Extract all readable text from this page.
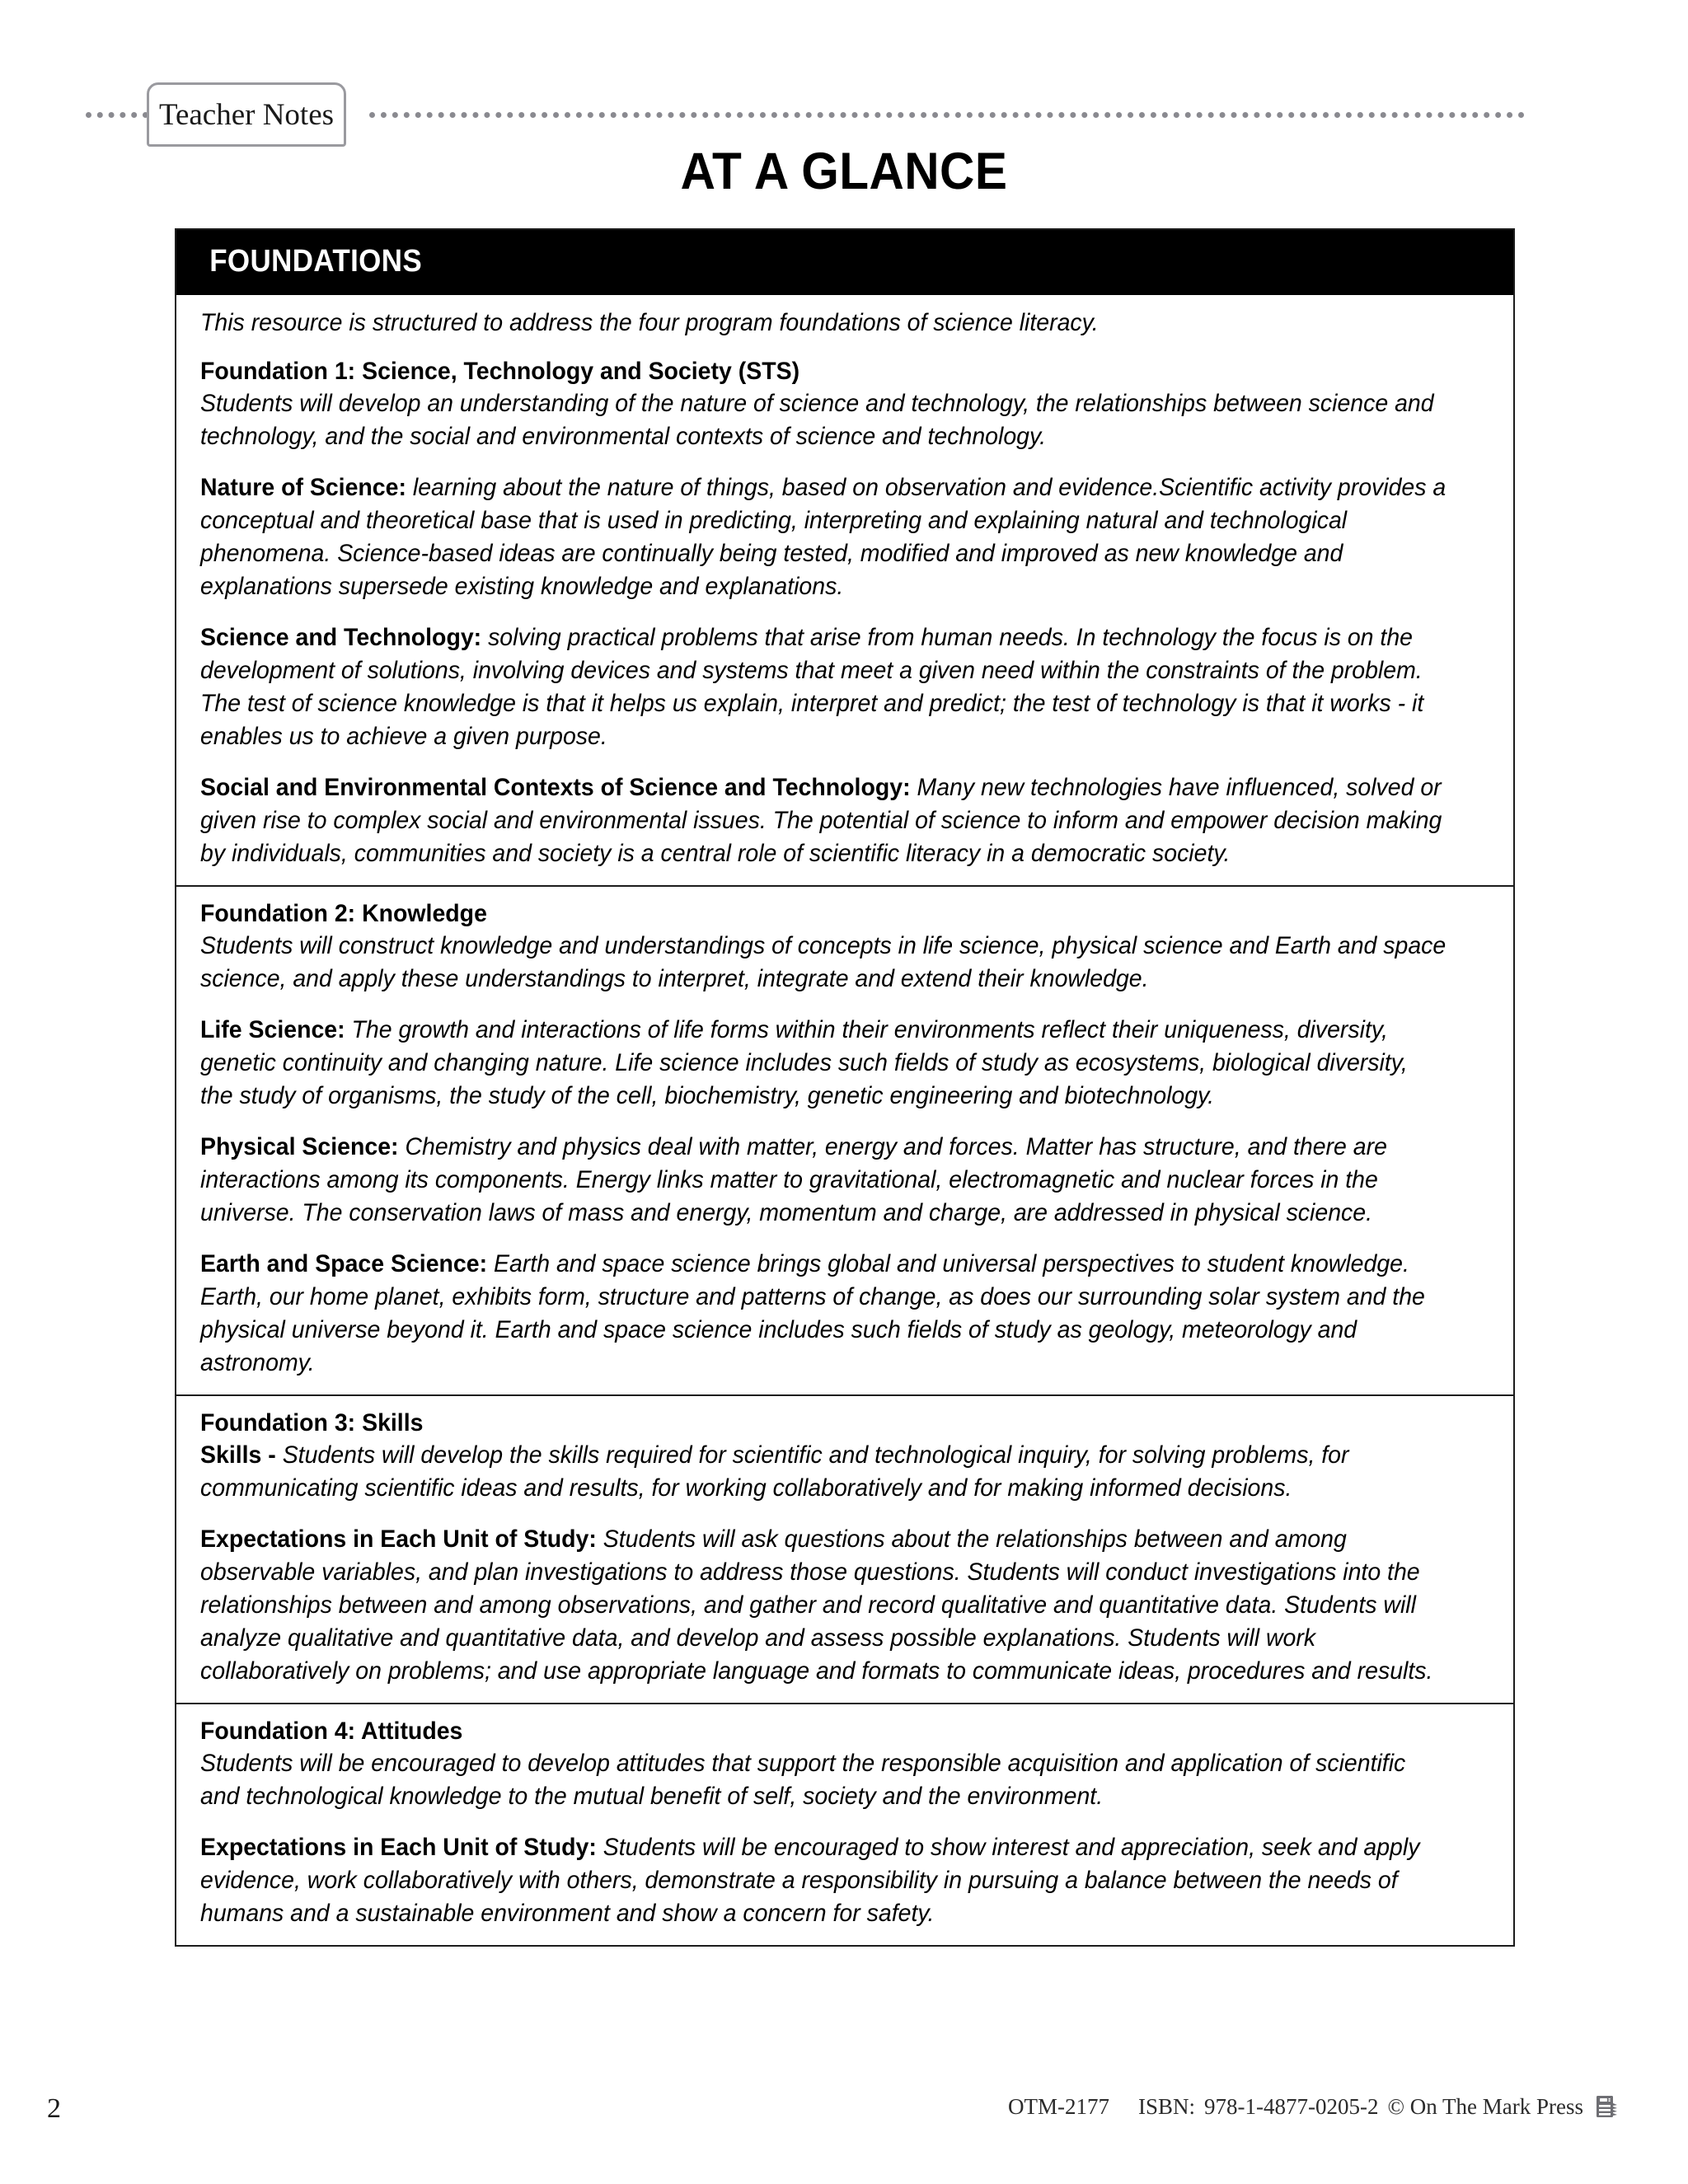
Teacher Notes
AT A GLANCE
FOUNDATIONS

This resource is structured to address the four program foundations of science literacy.

Foundation 1: Science, Technology and Society (STS)

Students will develop an understanding of the nature of science and technology, the relationships between science and technology, and the social and environmental contexts of science and technology.

Nature of Science: learning about the nature of things, based on observation and evidence.Scientific activity provides a conceptual and theoretical base that is used in predicting, interpreting and explaining natural and technological phenomena. Science-based ideas are continually being tested, modified and improved as new knowledge and explanations supersede existing knowledge and explanations.

Science and Technology: solving practical problems that arise from human needs. In technology the focus is on the development of solutions, involving devices and systems that meet a given need within the constraints of the problem. The test of science knowledge is that it helps us explain, interpret and predict; the test of technology is that it works - it enables us to achieve a given purpose.

Social and Environmental Contexts of Science and Technology: Many new technologies have influenced, solved or given rise to complex social and environmental issues. The potential of science to inform and empower decision making by individuals, communities and society is a central role of scientific literacy in a democratic society.

Foundation 2: Knowledge

Students will construct knowledge and understandings of concepts in life science, physical science and Earth and space science, and apply these understandings to interpret, integrate and extend their knowledge.

Life Science: The growth and interactions of life forms within their environments reflect their uniqueness, diversity, genetic continuity and changing nature. Life science includes such fields of study as ecosystems, biological diversity, the study of organisms, the study of the cell, biochemistry, genetic engineering and biotechnology.

Physical Science: Chemistry and physics deal with matter, energy and forces. Matter has structure, and there are interactions among its components. Energy links matter to gravitational, electromagnetic and nuclear forces in the universe. The conservation laws of mass and energy, momentum and charge, are addressed in physical science.

Earth and Space Science: Earth and space science brings global and universal perspectives to student knowledge. Earth, our home planet, exhibits form, structure and patterns of change, as does our surrounding solar system and the physical universe beyond it. Earth and space science includes such fields of study as geology, meteorology and astronomy.

Foundation 3: Skills

Skills - Students will develop the skills required for scientific and technological inquiry, for solving problems, for communicating scientific ideas and results, for working collaboratively and for making informed decisions.

Expectations in Each Unit of Study: Students will ask questions about the relationships between and among observable variables, and plan investigations to address those questions. Students will conduct investigations into the relationships between and among observations, and gather and record qualitative and quantitative data. Students will analyze qualitative and quantitative data, and develop and assess possible explanations. Students will work collaboratively on problems; and use appropriate language and formats to communicate ideas, procedures and results.

Foundation 4: Attitudes

Students will be encouraged to develop attitudes that support the responsible acquisition and application of scientific and technological knowledge to the mutual benefit of self, society and the environment.

Expectations in Each Unit of Study: Students will be encouraged to show interest and appreciation, seek and apply evidence, work collaboratively with others, demonstrate a responsibility in pursuing a balance between the needs of humans and a sustainable environment and show a concern for safety.

2	OTM-2177 ISBN: 978-1-4877-0205-2 © On The Mark Press
